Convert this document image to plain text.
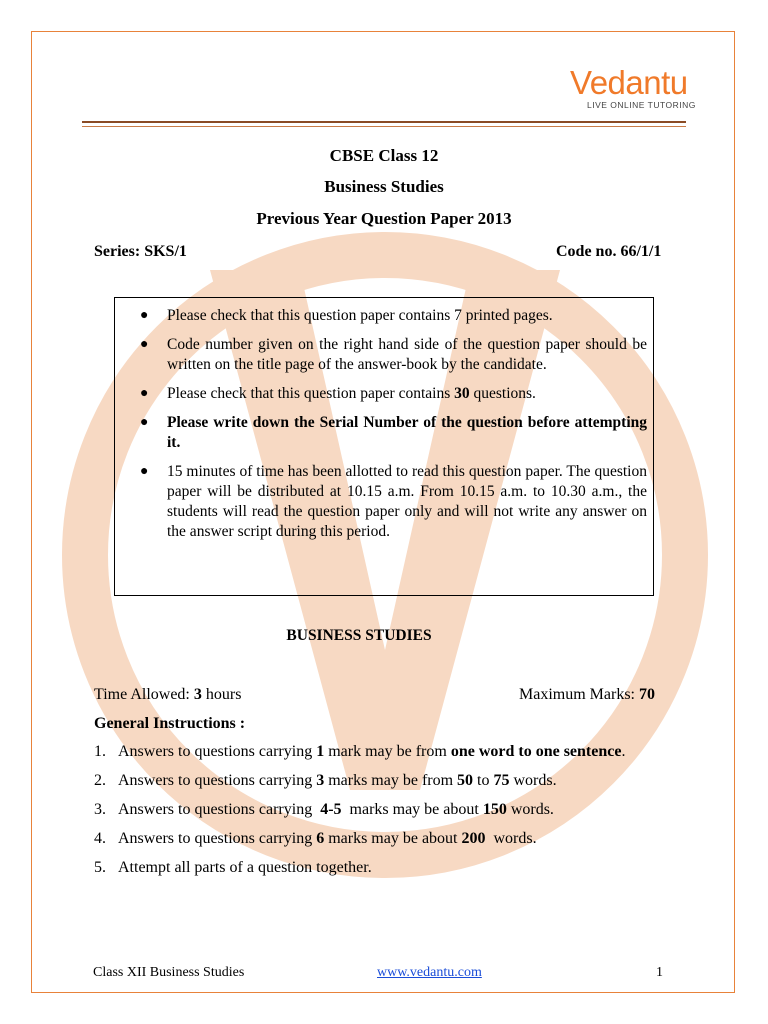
Vedantu
LIVE ONLINE TUTORING
CBSE Class 12
Business Studies
Previous Year Question Paper 2013
Series: SKS/1	Code no. 66/1/1
● Please check that this question paper contains 7 printed pages.
● Code number given on the right hand side of the question paper should be written on the title page of the answer-book by the candidate.
● Please check that this question paper contains 30 questions.
● Please write down the Serial Number of the question before attempting it.
● 15 minutes of time has been allotted to read this question paper. The question paper will be distributed at 10.15 a.m. From 10.15 a.m. to 10.30 a.m., the students will read the question paper only and will not write any answer on the answer script during this period.
BUSINESS STUDIES
Time Allowed: 3 hours	Maximum Marks: 70
General Instructions :
1. Answers to questions carrying 1 mark may be from one word to one sentence.
2. Answers to questions carrying 3 marks may be from 50 to 75 words.
3. Answers to questions carrying  4-5  marks may be about 150 words.
4. Answers to questions carrying 6 marks may be about 200  words.
5. Attempt all parts of a question together.
Class XII Business Studies	www.vedantu.com	1
